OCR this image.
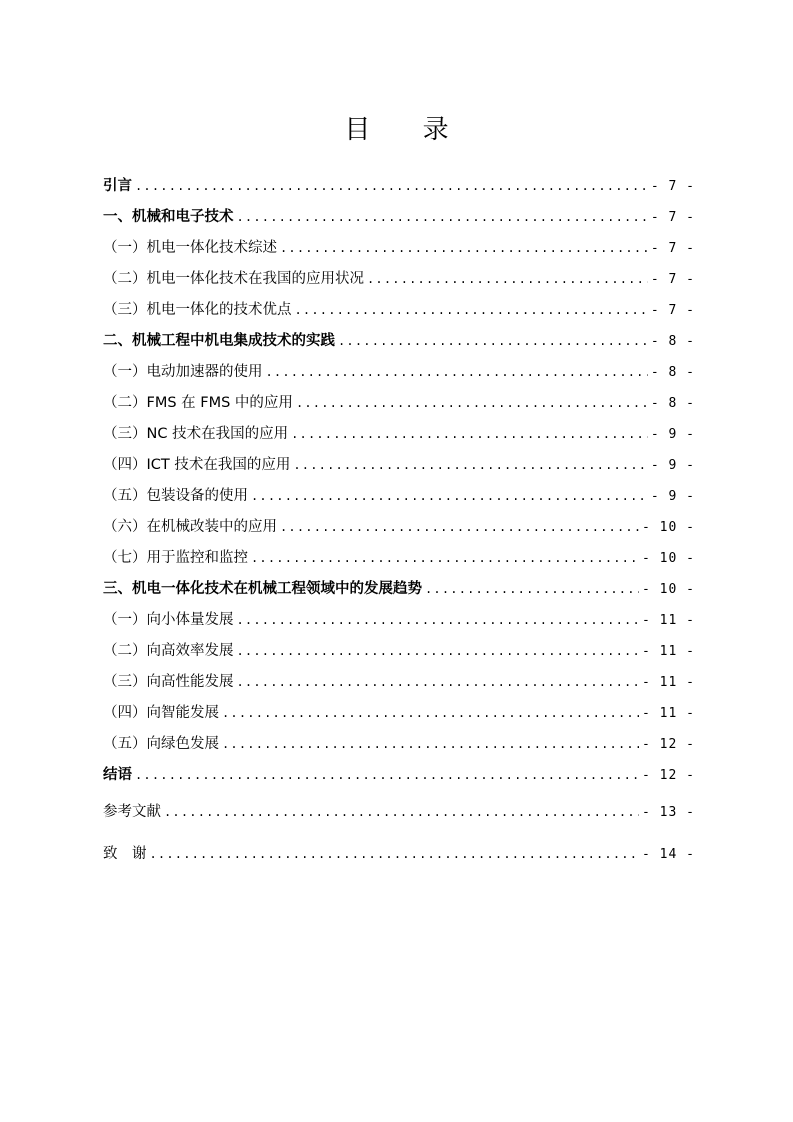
目 录
引言 .....	- 7 -
一、机械和电子技术 .....	- 7 -
（一）机电一体化技术综述 .....	- 7 -
（二）机电一体化技术在我国的应用状况 .....	- 7 -
（三）机电一体化的技术优点 .....	- 7 -
二、机械工程中机电集成技术的实践 .....	- 8 -
（一）电动加速器的使用 .....	- 8 -
（二）FMS 在 FMS 中的应用 .....	- 8 -
（三）NC 技术在我国的应用 .....	- 9 -
（四）ICT 技术在我国的应用 .....	- 9 -
（五）包装设备的使用 .....	- 9 -
（六）在机械改装中的应用 .....	- 10 -
（七）用于监控和监控 .....	- 10 -
三、机电一体化技术在机械工程领域中的发展趋势 .....	- 10 -
（一）向小体量发展 .....	- 11 -
（二）向高效率发展 .....	- 11 -
（三）向高性能发展 .....	- 11 -
（四）向智能发展 .....	- 11 -
（五）向绿色发展 .....	- 12 -
结语 .....	- 12 -
参考文献 .....	- 13 -
致　谢 .....	- 14 -
